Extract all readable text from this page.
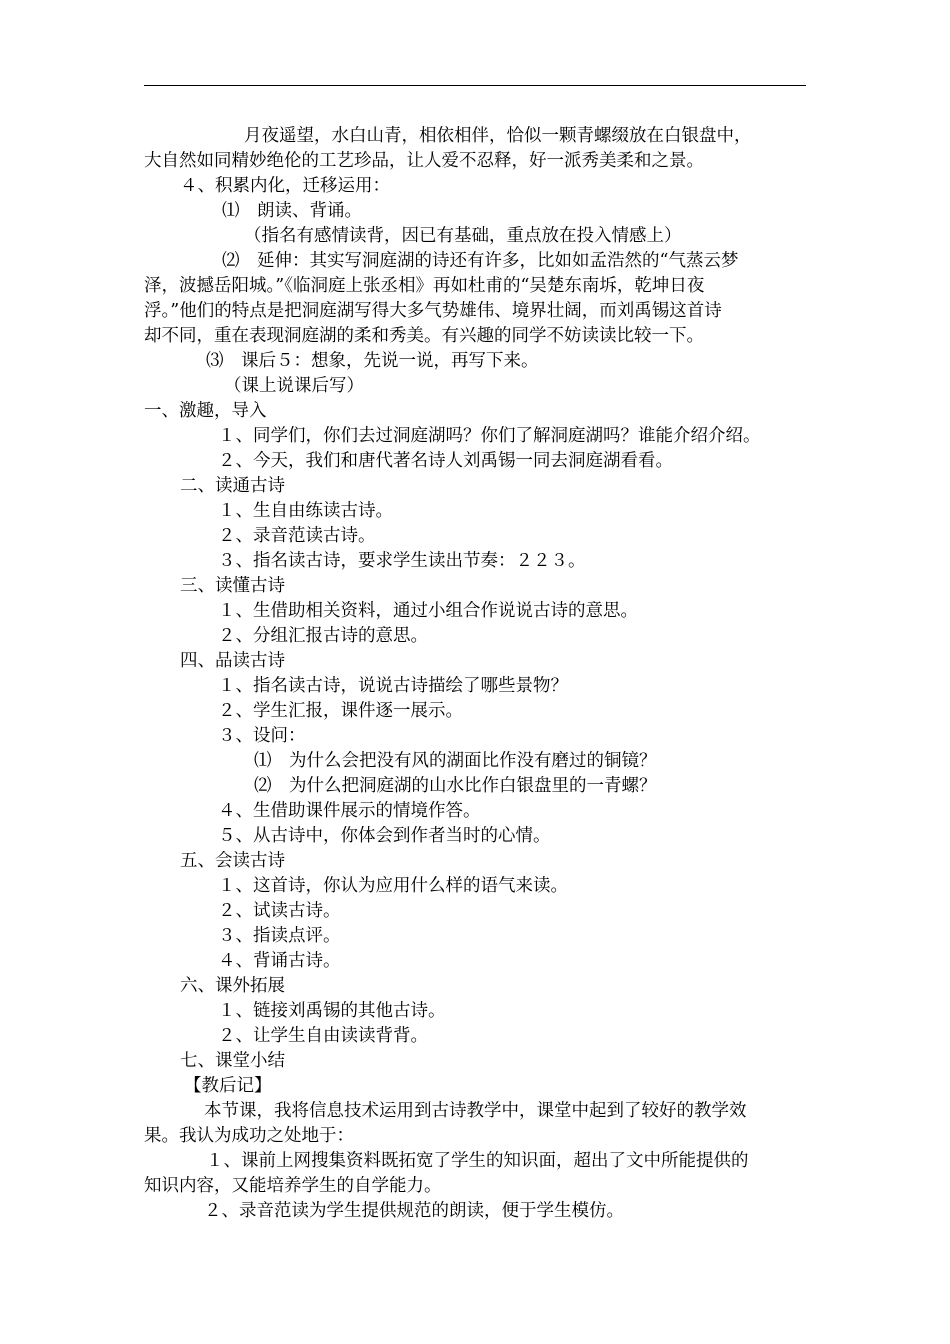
月夜遥望，水白山青，相依相伴，恰似一颗青螺缀放在白银盘中，
大自然如同精妙绝伦的工艺珍品，让人爱不忍释，好一派秀美柔和之景。
４、积累内化，迁移运用：
⑴　朗读、背诵。
（指名有感情读背，因已有基础，重点放在投入情感上）
⑵　延伸：其实写洞庭湖的诗还有许多，比如如孟浩然的“气蒸云梦
泽，波撼岳阳城。”《临洞庭上张丞相》再如杜甫的“吴楚东南坼，乾坤日夜
浮。”他们的特点是把洞庭湖写得大多气势雄伟、境界壮阔，而刘禹锡这首诗
却不同，重在表现洞庭湖的柔和秀美。有兴趣的同学不妨读读比较一下。
⑶　课后５：想象，先说一说，再写下来。
（课上说课后写）
一、激趣，导入
１、同学们，你们去过洞庭湖吗？你们了解洞庭湖吗？谁能介绍介绍。
２、今天，我们和唐代著名诗人刘禹锡一同去洞庭湖看看。
二、读通古诗
１、生自由练读古诗。
２、录音范读古诗。
３、指名读古诗，要求学生读出节奏：２２３。
三、读懂古诗
１、生借助相关资料，通过小组合作说说古诗的意思。
２、分组汇报古诗的意思。
四、品读古诗
１、指名读古诗，说说古诗描绘了哪些景物？
２、学生汇报，课件逐一展示。
３、设问：
⑴　为什么会把没有风的湖面比作没有磨过的铜镜？
⑵　为什么把洞庭湖的山水比作白银盘里的一青螺？
４、生借助课件展示的情境作答。
５、从古诗中，你体会到作者当时的心情。
五、会读古诗
１、这首诗，你认为应用什么样的语气来读。
２、试读古诗。
３、指读点评。
４、背诵古诗。
六、课外拓展
１、链接刘禹锡的其他古诗。
２、让学生自由读读背背。
七、课堂小结
【教后记】
本节课，我将信息技术运用到古诗教学中，课堂中起到了较好的教学效
果。我认为成功之处地于：
１、课前上网搜集资料既拓宽了学生的知识面，超出了文中所能提供的
知识内容，又能培养学生的自学能力。
２、录音范读为学生提供规范的朗读，便于学生模仿。
